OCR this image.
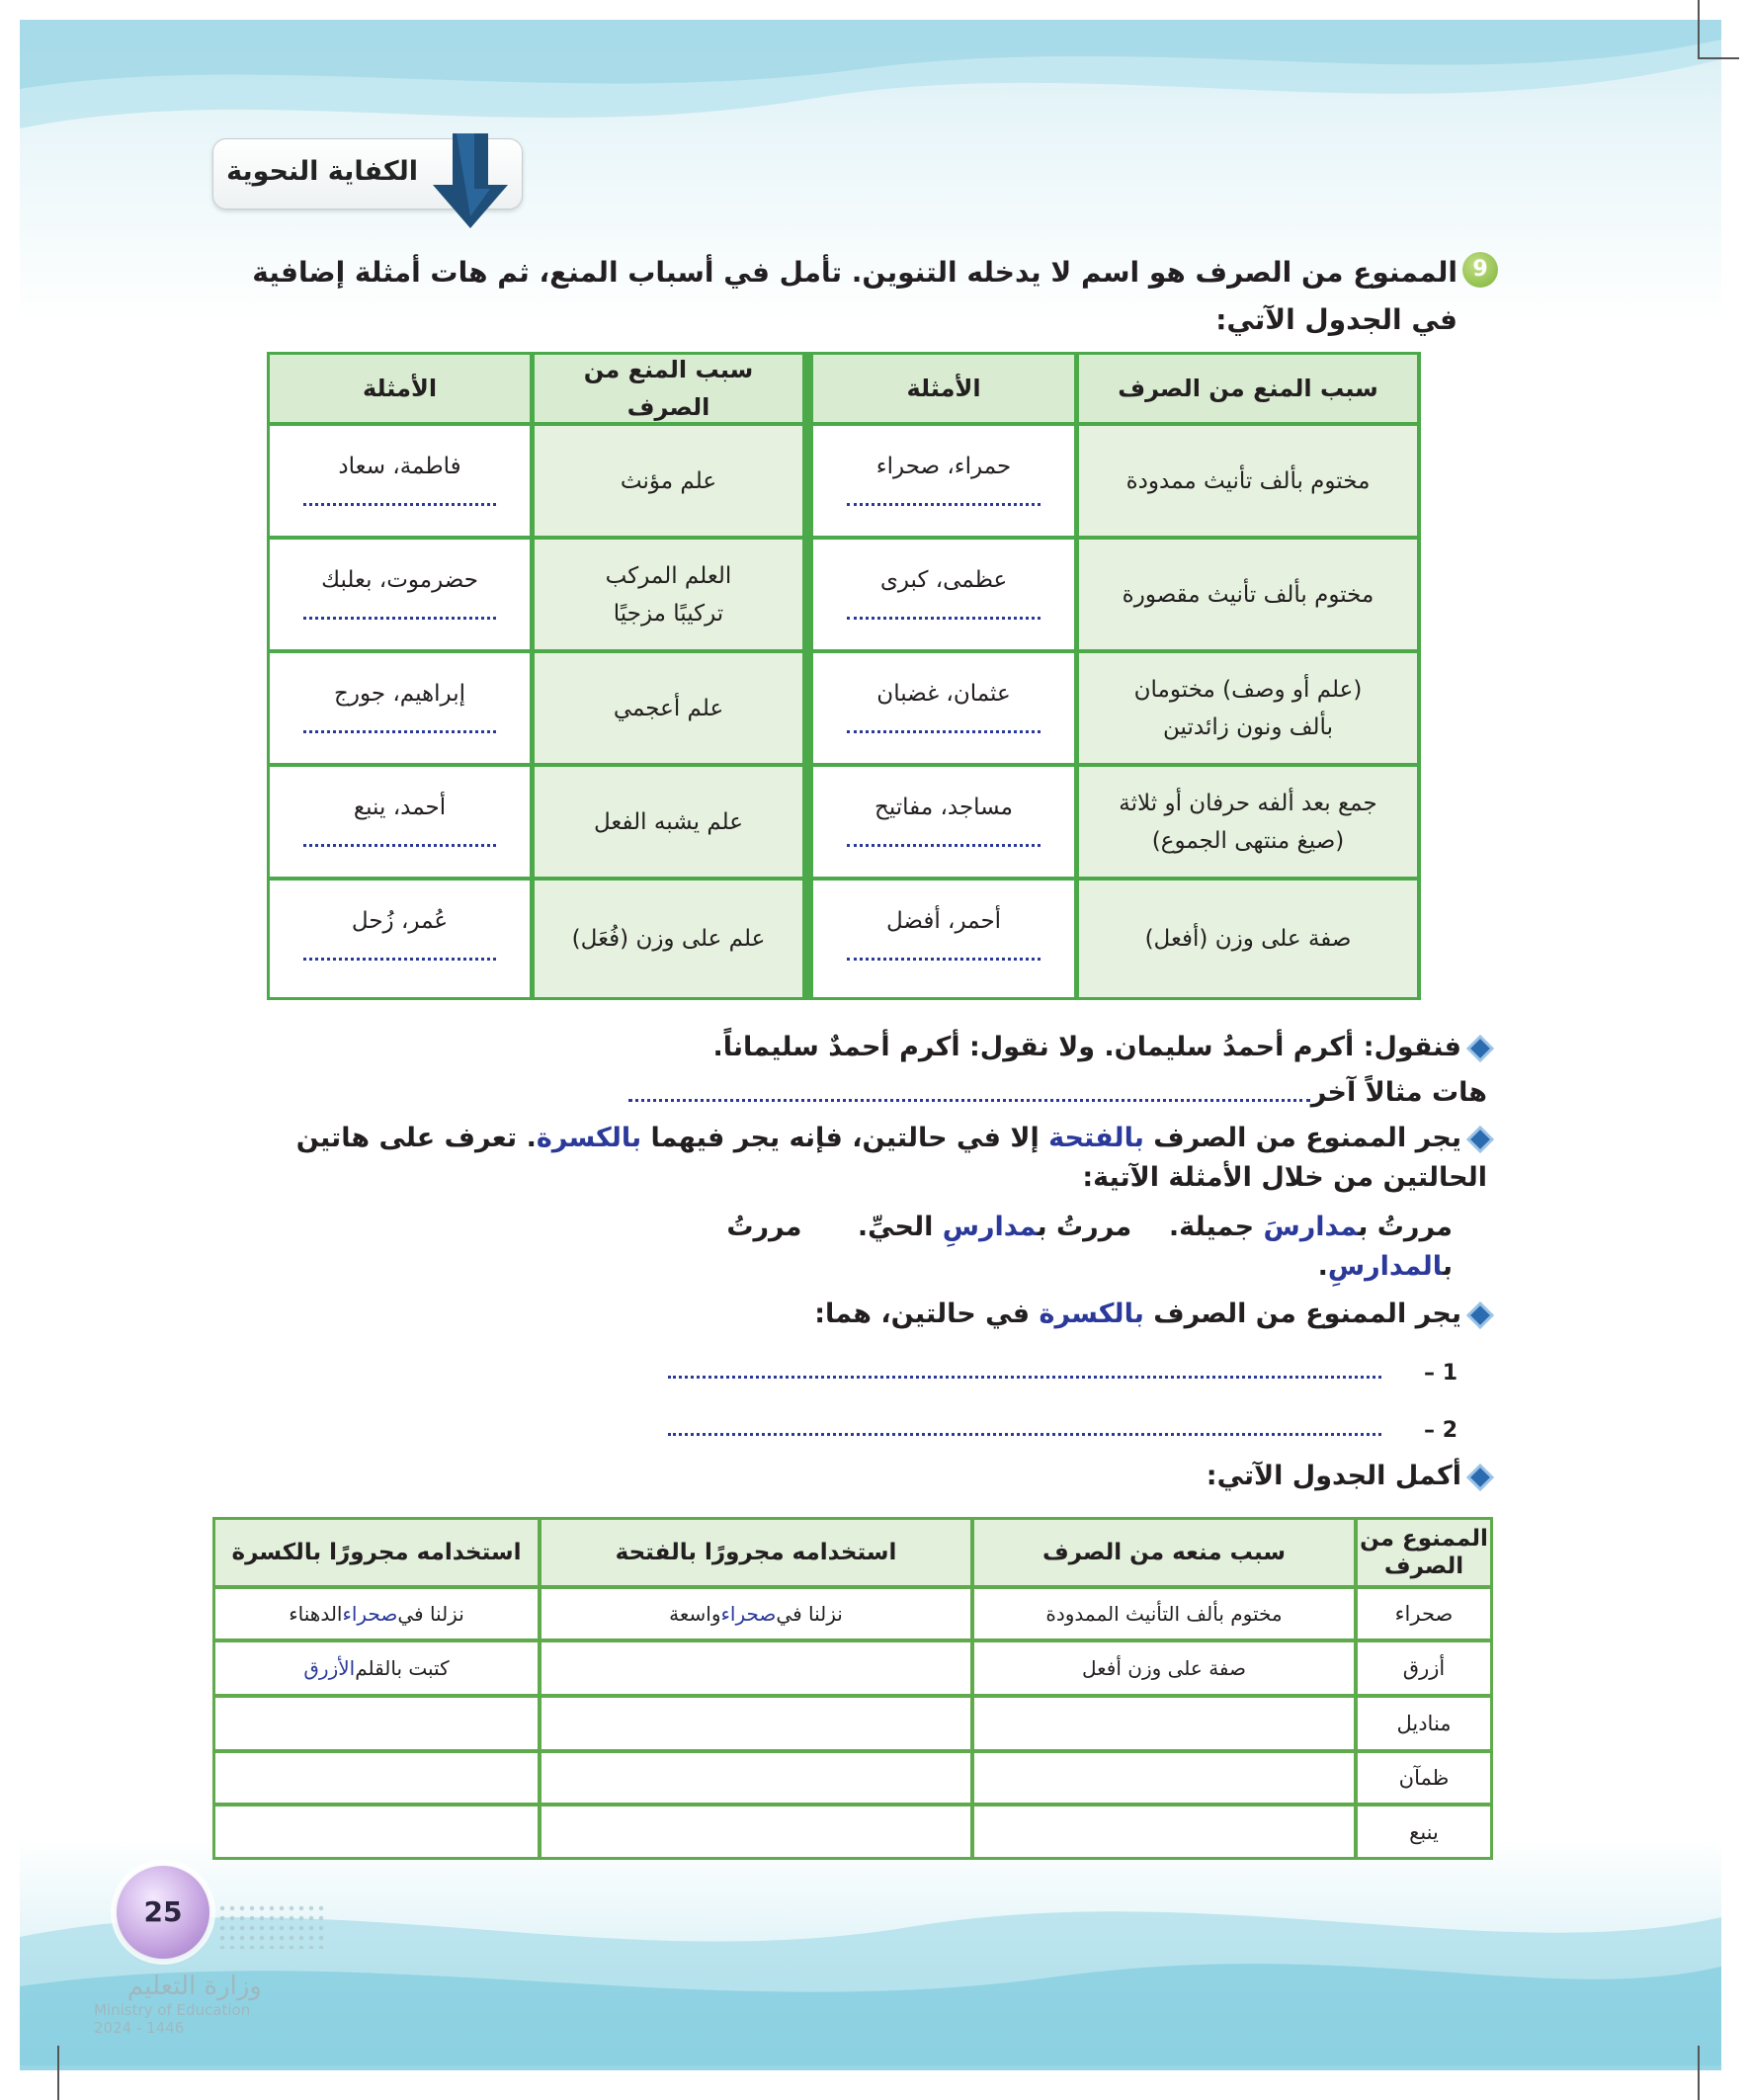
الكفاية النحوية
9
الممنوع من الصرف هو اسم لا يدخله التنوين. تأمل في أسباب المنع، ثم هات أمثلة إضافية في الجدول الآتي:
سبب المنع من الصرف
الأمثلة
سبب المنع من الصرف
الأمثلة
مختوم بألف تأنيث ممدودة
حمراء، صحراء
علم مؤنث
فاطمة، سعاد
مختوم بألف تأنيث مقصورة
عظمى، كبرى
العلم المركب تركيبًا مزجيًا
حضرموت، بعلبك
(علم أو وصف) مختومان بألف ونون زائدتين
عثمان، غضبان
علم أعجمي
إبراهيم، جورج
جمع بعد ألفه حرفان أو ثلاثة (صيغ منتهى الجموع)
مساجد، مفاتيح
علم يشبه الفعل
أحمد، ينبع
صفة على وزن (أفعل)
أحمر، أفضل
علم على وزن (فُعَل)
عُمر، زُحل
فنقول: أكرم أحمدُ سليمان. ولا نقول: أكرم أحمدٌ سليماناً.
هات مثالاً آخر
يجر الممنوع من الصرف بالفتحة إلا في حالتين، فإنه يجر فيهما بالكسرة. تعرف على هاتين الحالتين من خلال الأمثلة الآتية:
مررتُ بمدارسَ جميلة.    مررتُ بمدارسِ الحيِّ.      مررتُ بالمدارسِ.
يجر الممنوع من الصرف بالكسرة في حالتين، هما:
1 –
2 –
أكمل الجدول الآتي:
الممنوع من الصرف
سبب منعه من الصرف
استخدامه مجرورًا بالفتحة
استخدامه مجرورًا بالكسرة
صحراء
مختوم بألف التأنيث الممدودة
نزلنا في
صحراء
واسعة
نزلنا في
صحراء
الدهناء
أزرق
صفة على وزن أفعل
كتبت بالقلم
الأزرق
مناديل
ظمآن
ينبع
25
وزارة التعليم
Ministry of Education
2024 - 1446
